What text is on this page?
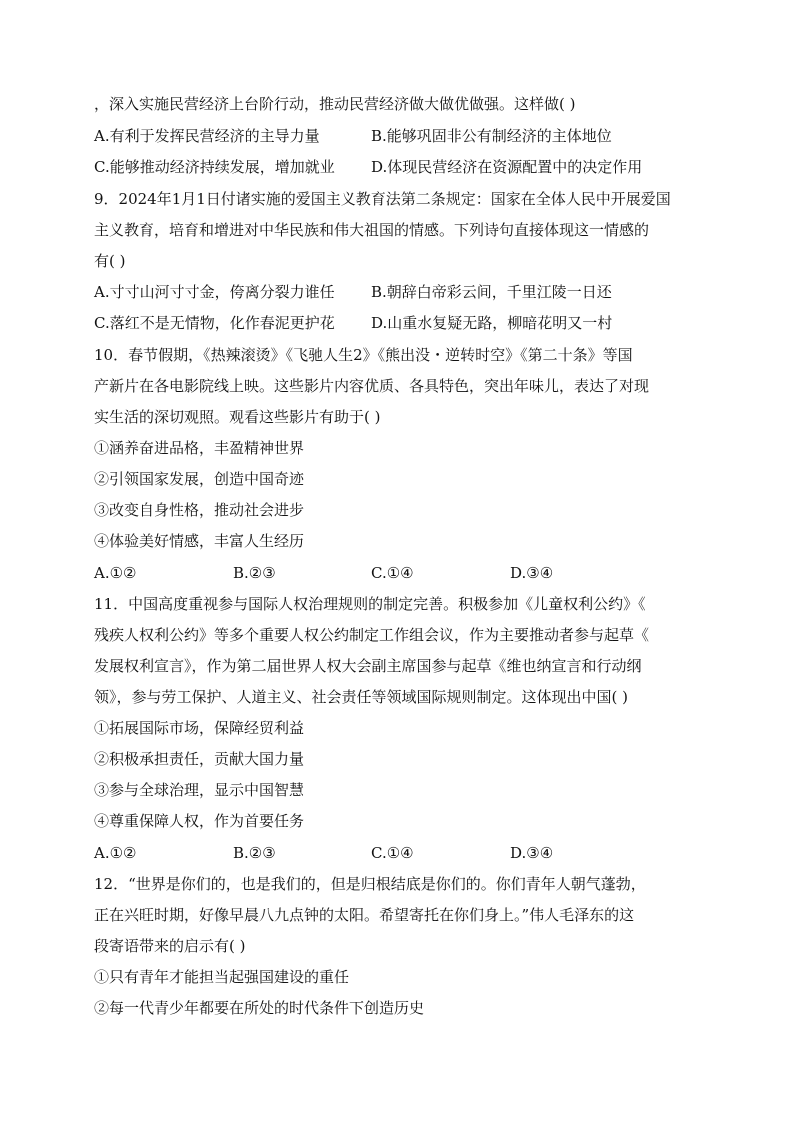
，深入实施民营经济上台阶行动，推动民营经济做大做优做强。这样做( )
A.有利于发挥民营经济的主导力量	B.能够巩固非公有制经济的主体地位
C.能够推动经济持续发展，增加就业 D.体现民营经济在资源配置中的决定作用
9．2024年1月1日付诸实施的爱国主义教育法第二条规定：国家在全体人民中开展爱国
主义教育，培育和增进对中华民族和伟大祖国的情感。下列诗句直接体现这一情感的
有( )
A.寸寸山河寸寸金，侉离分裂力谁任 B.朝辞白帝彩云间，千里江陵一日还
C.落红不是无情物，化作春泥更护花 D.山重水复疑无路，柳暗花明又一村
10．春节假期，《热辣滚烫》《飞驰人生2》《熊出没・逆转时空》《第二十条》等国
产新片在各电影院线上映。这些影片内容优质、各具特色，突出年味儿，表达了对现
实生活的深切观照。观看这些影片有助于( )
①涵养奋进品格，丰盈精神世界
②引领国家发展，创造中国奇迹
③改变自身性格，推动社会进步
④体验美好情感，丰富人生经历
A.①②	B.②③	C.①④	D.③④
11．中国高度重视参与国际人权治理规则的制定完善。积极参加《儿童权利公约》《
残疾人权利公约》等多个重要人权公约制定工作组会议，作为主要推动者参与起草《
发展权利宣言》，作为第二届世界人权大会副主席国参与起草《维也纳宣言和行动纲
领》，参与劳工保护、人道主义、社会责任等领域国际规则制定。这体现出中国( )
①拓展国际市场，保障经贸利益
②积极承担责任，贡献大国力量
③参与全球治理，显示中国智慧
④尊重保障人权，作为首要任务
A.①②	B.②③	C.①④	D.③④
12．“世界是你们的，也是我们的，但是归根结底是你们的。你们青年人朝气蓬勃，
正在兴旺时期，好像早晨八九点钟的太阳。希望寄托在你们身上。”伟人毛泽东的这
段寄语带来的启示有( )
①只有青年才能担当起强国建设的重任
②每一代青少年都要在所处的时代条件下创造历史
